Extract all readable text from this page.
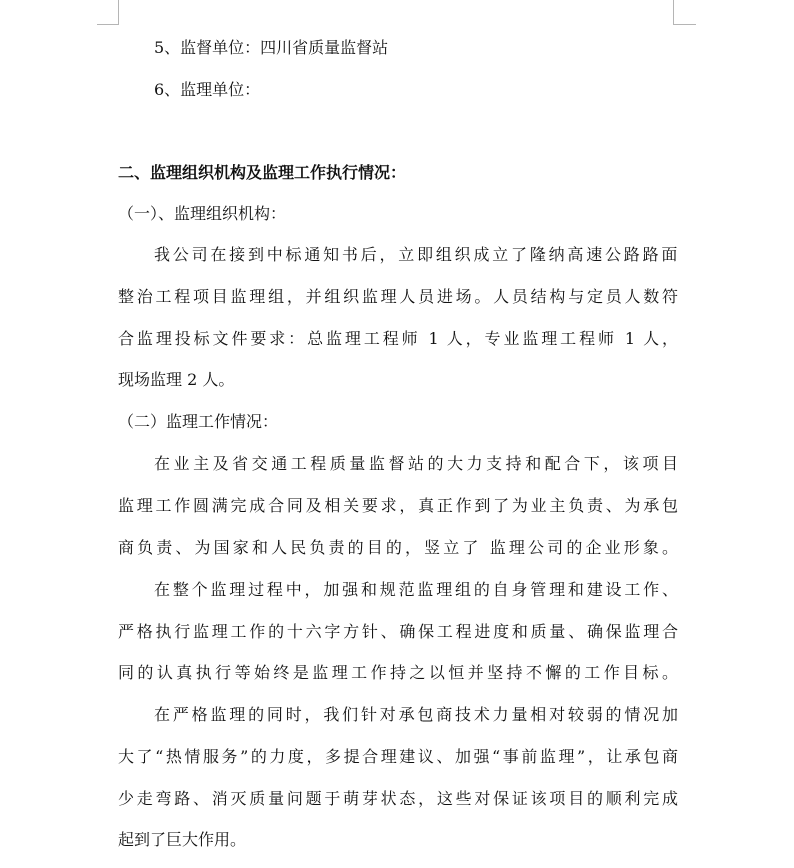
5、监督单位：四川省质量监督站
6、监理单位：
二、监理组织机构及监理工作执行情况：
（一）、监理组织机构：
我公司在接到中标通知书后，立即组织成立了隆纳高速公路路面
整治工程项目监理组，并组织监理人员进场。人员结构与定员人数符
合监理投标文件要求：总监理工程师 1 人，专业监理工程师 1 人，
现场监理 2 人。
（二）监理工作情况：
在业主及省交通工程质量监督站的大力支持和配合下，该项目
监理工作圆满完成合同及相关要求，真正作到了为业主负责、为承包
商负责、为国家和人民负责的目的，竖立了 监理公司的企业形象。
在整个监理过程中，加强和规范监理组的自身管理和建设工作、
严格执行监理工作的十六字方针、确保工程进度和质量、确保监理合
同的认真执行等始终是监理工作持之以恒并坚持不懈的工作目标。
在严格监理的同时，我们针对承包商技术力量相对较弱的情况加
大了“热情服务”的力度，多提合理建议、加强“事前监理”，让承包商
少走弯路、消灭质量问题于萌芽状态，这些对保证该项目的顺利完成
起到了巨大作用。
